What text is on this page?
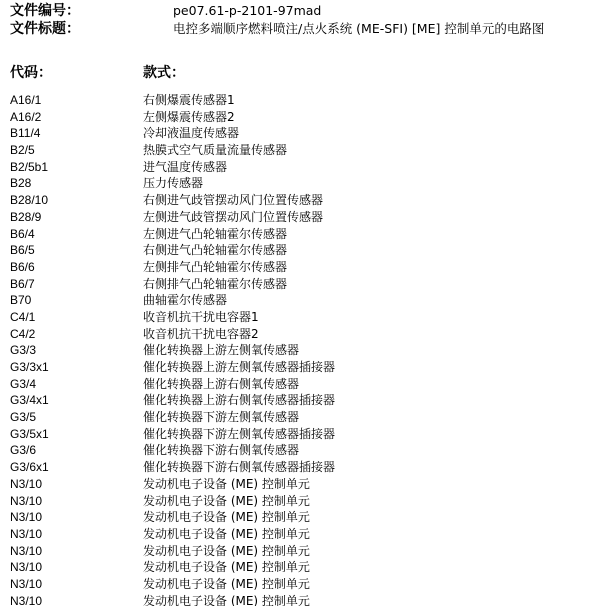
文件编号：	pe07.61-p-2101-97mad
文件标题：	电控多端顺序燃料喷注/点火系统 (ME-SFI) [ME] 控制单元的电路图
代码：	款式：
A16/1	右侧爆震传感器1
A16/2	左侧爆震传感器2
B11/4	冷却液温度传感器
B2/5	热膜式空气质量流量传感器
B2/5b1	进气温度传感器
B28	压力传感器
B28/10	右侧进气歧管摆动风门位置传感器
B28/9	左侧进气歧管摆动风门位置传感器
B6/4	左侧进气凸轮轴霍尔传感器
B6/5	右侧进气凸轮轴霍尔传感器
B6/6	左侧排气凸轮轴霍尔传感器
B6/7	右侧排气凸轮轴霍尔传感器
B70	曲轴霍尔传感器
C4/1	收音机抗干扰电容器1
C4/2	收音机抗干扰电容器2
G3/3	催化转换器上游左侧氧传感器
G3/3x1	催化转换器上游左侧氧传感器插接器
G3/4	催化转换器上游右侧氧传感器
G3/4x1	催化转换器上游右侧氧传感器插接器
G3/5	催化转换器下游左侧氧传感器
G3/5x1	催化转换器下游左侧氧传感器插接器
G3/6	催化转换器下游右侧氧传感器
G3/6x1	催化转换器下游右侧氧传感器插接器
N3/10	发动机电子设备 (ME) 控制单元
N3/10	发动机电子设备 (ME) 控制单元
N3/10	发动机电子设备 (ME) 控制单元
N3/10	发动机电子设备 (ME) 控制单元
N3/10	发动机电子设备 (ME) 控制单元
N3/10	发动机电子设备 (ME) 控制单元
N3/10	发动机电子设备 (ME) 控制单元
N3/10	发动机电子设备 (ME) 控制单元
